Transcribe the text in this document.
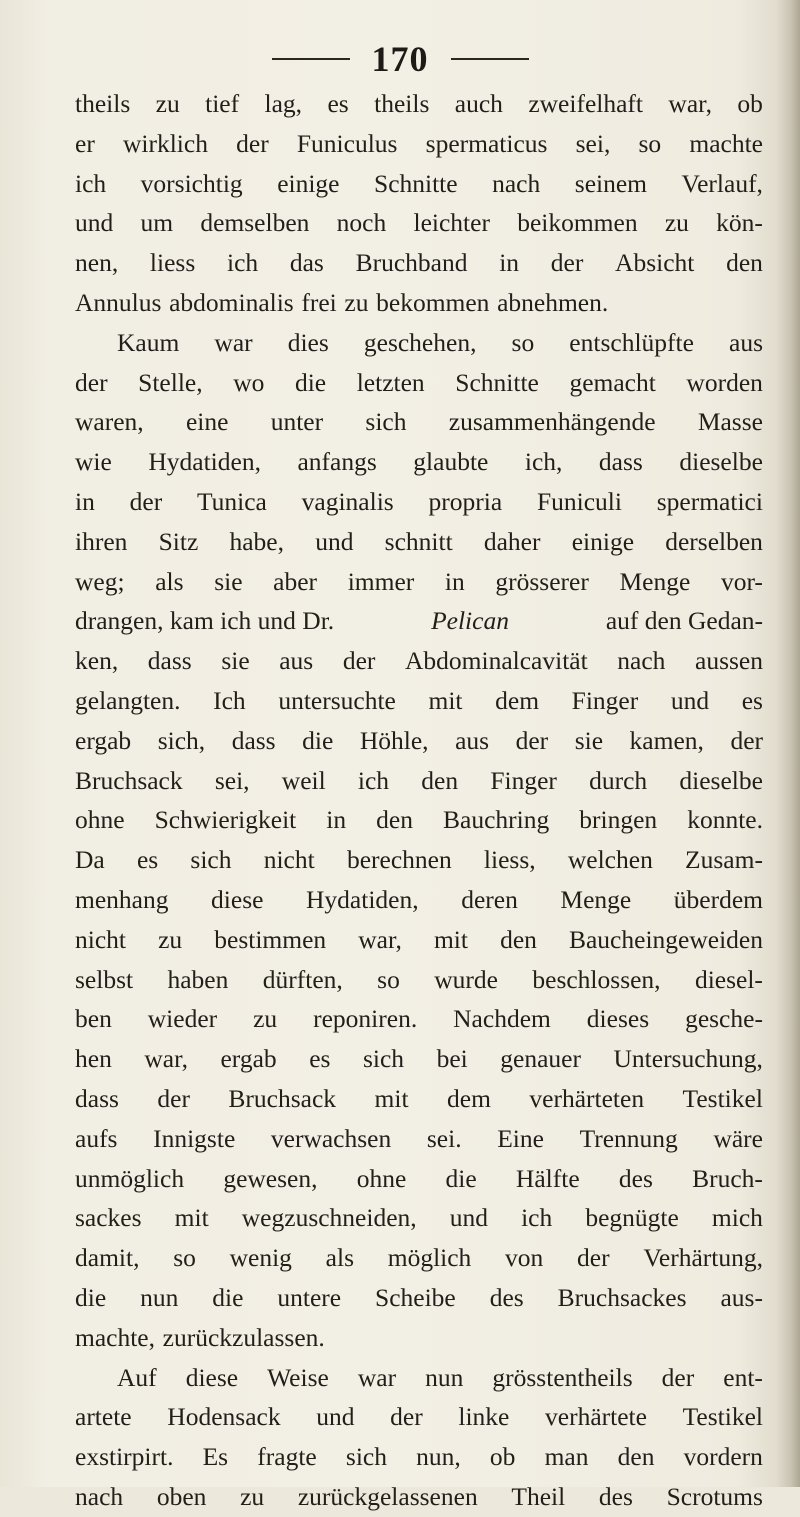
170
theils zu tief lag, es theils auch zweifelhaft war, ob
er wirklich der Funiculus spermaticus sei, so machte
ich vorsichtig einige Schnitte nach seinem Verlauf,
und um demselben noch leichter beikommen zu kön-
nen, liess ich das Bruchband in der Absicht den
Annulus abdominalis frei zu bekommen abnehmen.
Kaum war dies geschehen, so entschlüpfte aus
der Stelle, wo die letzten Schnitte gemacht worden
waren, eine unter sich zusammenhängende Masse
wie Hydatiden, anfangs glaubte ich, dass dieselbe
in der Tunica vaginalis propria Funiculi spermatici
ihren Sitz habe, und schnitt daher einige derselben
weg; als sie aber immer in grösserer Menge vor-
drangen, kam ich und Dr.	Pelican	auf den Gedan-
ken, dass sie aus der Abdominalcavität nach aussen
gelangten. Ich untersuchte mit dem Finger und es
ergab sich, dass die Höhle, aus der sie kamen, der
Bruchsack sei, weil ich den Finger durch dieselbe
ohne Schwierigkeit in den Bauchring bringen konnte.
Da es sich nicht berechnen liess, welchen Zusam-
menhang diese Hydatiden, deren Menge überdem
nicht zu bestimmen war, mit den Baucheingeweiden
selbst haben dürften, so wurde beschlossen, diesel-
ben wieder zu reponiren. Nachdem dieses gesche-
hen war, ergab es sich bei genauer Untersuchung,
dass der Bruchsack mit dem verhärteten Testikel
aufs Innigste verwachsen sei. Eine Trennung wäre
unmöglich gewesen, ohne die Hälfte des Bruch-
sackes mit wegzuschneiden, und ich begnügte mich
damit, so wenig als möglich von der Verhärtung,
die nun die untere Scheibe des Bruchsackes aus-
machte, zurückzulassen.
Auf diese Weise war nun grösstentheils der ent-
artete Hodensack und der linke verhärtete Testikel
exstirpirt. Es fragte sich nun, ob man den vordern
nach oben zu zurückgelassenen Theil des Scrotums
